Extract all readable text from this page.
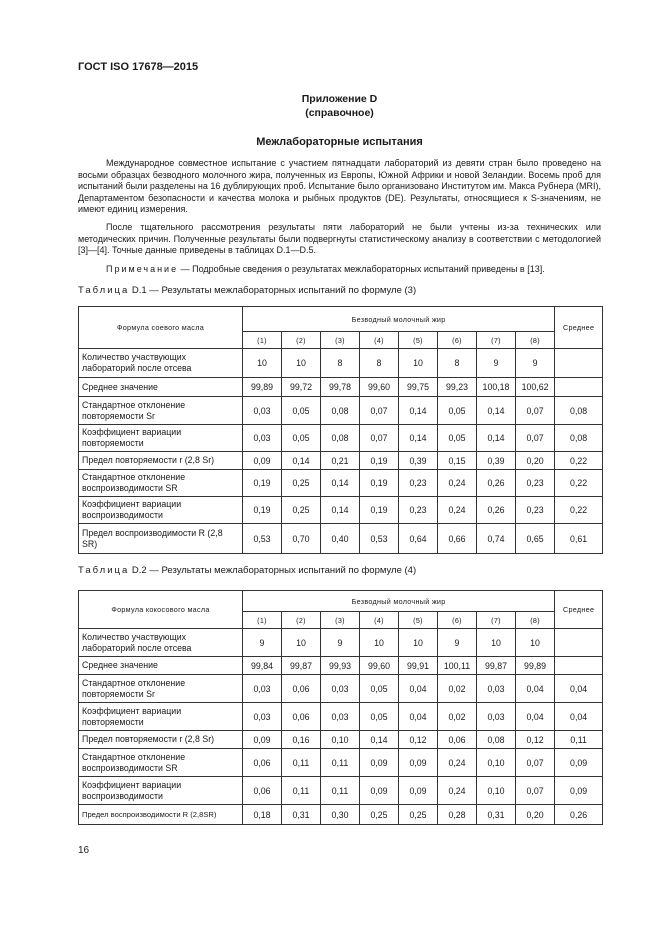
ГОСТ ISO 17678—2015
Приложение D
(справочное)
Межлабораторные испытания

Международное совместное испытание с участием пятнадцати лабораторий из девяти стран было проведено на восьми образцах безводного молочного жира, полученных из Европы, Южной Африки и новой Зеландии. Восемь проб для испытаний были разделены на 16 дублирующих проб. Испытание было организовано Институтом им. Макса Рубнера (MRI), Департаментом безопасности и качества молока и рыбных продуктов (DE). Результаты, относящиеся к S-значениям, не имеют единиц измерения.

После тщательного рассмотрения результаты пяти лабораторий не были учтены из-за технических или методических причин. Полученные результаты были подвергнуты статистическому анализу в соответствии с методологией [3]—[4]. Точные данные приведены в таблицах D.1—D.5.

Примечание — Подробные сведения о результатах межлабораторных испытаний приведены в [13].

Таблица D.1 — Результаты межлабораторных испытаний по формуле (3)
Формула соевого масла	Безводный молочный жир								Среднее
	(1)	(2)	(3)	(4)	(5)	(6)	(7)	(8)	
Количество участвующих лабораторий после отсева	10	10	8	8	10	8	9	9	
Среднее значение	99,89	99,72	99,78	99,60	99,75	99,23	100,18	100,62	
Стандартное отклонение повторяемости Sr	0,03	0,05	0,08	0,07	0,14	0,05	0,14	0,07	0,08
Коэффициент вариации повторяемости	0,03	0,05	0,08	0,07	0,14	0,05	0,14	0,07	0,08
Предел повторяемости r (2,8 Sr)	0,09	0,14	0,21	0,19	0,39	0,15	0,39	0,20	0,22
Стандартное отклонение воспроизводимости SR	0,19	0,25	0,14	0,19	0,23	0,24	0,26	0,23	0,22
Коэффициент вариации воспроизводимости	0,19	0,25	0,14	0,19	0,23	0,24	0,26	0,23	0,22
Предел воспроизводимости R (2,8 SR)	0,53	0,70	0,40	0,53	0,64	0,66	0,74	0,65	0,61
Таблица D.2 — Результаты межлабораторных испытаний по формуле (4)
Формула кокосового масла	Безводный молочный жир								Среднее
	(1)	(2)	(3)	(4)	(5)	(6)	(7)	(8)	
Количество участвующих лабораторий после отсева	9	10	9	10	10	9	10	10	
Среднее значение	99,84	99,87	99,93	99,60	99,91	100,11	99,87	99,89	
Стандартное отклонение повторяемости Sr	0,03	0,06	0,03	0,05	0,04	0,02	0,03	0,04	0,04
Коэффициент вариации повторяемости	0,03	0,06	0,03	0,05	0,04	0,02	0,03	0,04	0,04
Предел повторяемости r (2,8 Sr)	0,09	0,16	0,10	0,14	0,12	0,06	0,08	0,12	0,11
Стандартное отклонение воспроизводимости SR	0,06	0,11	0,11	0,09	0,09	0,24	0,10	0,07	0,09
Коэффициент вариации воспроизводимости	0,06	0,11	0,11	0,09	0,09	0,24	0,10	0,07	0,09
Предел воспроизводимости R (2,8SR)	0,18	0,31	0,30	0,25	0,25	0,28	0,31	0,20	0,26
16
